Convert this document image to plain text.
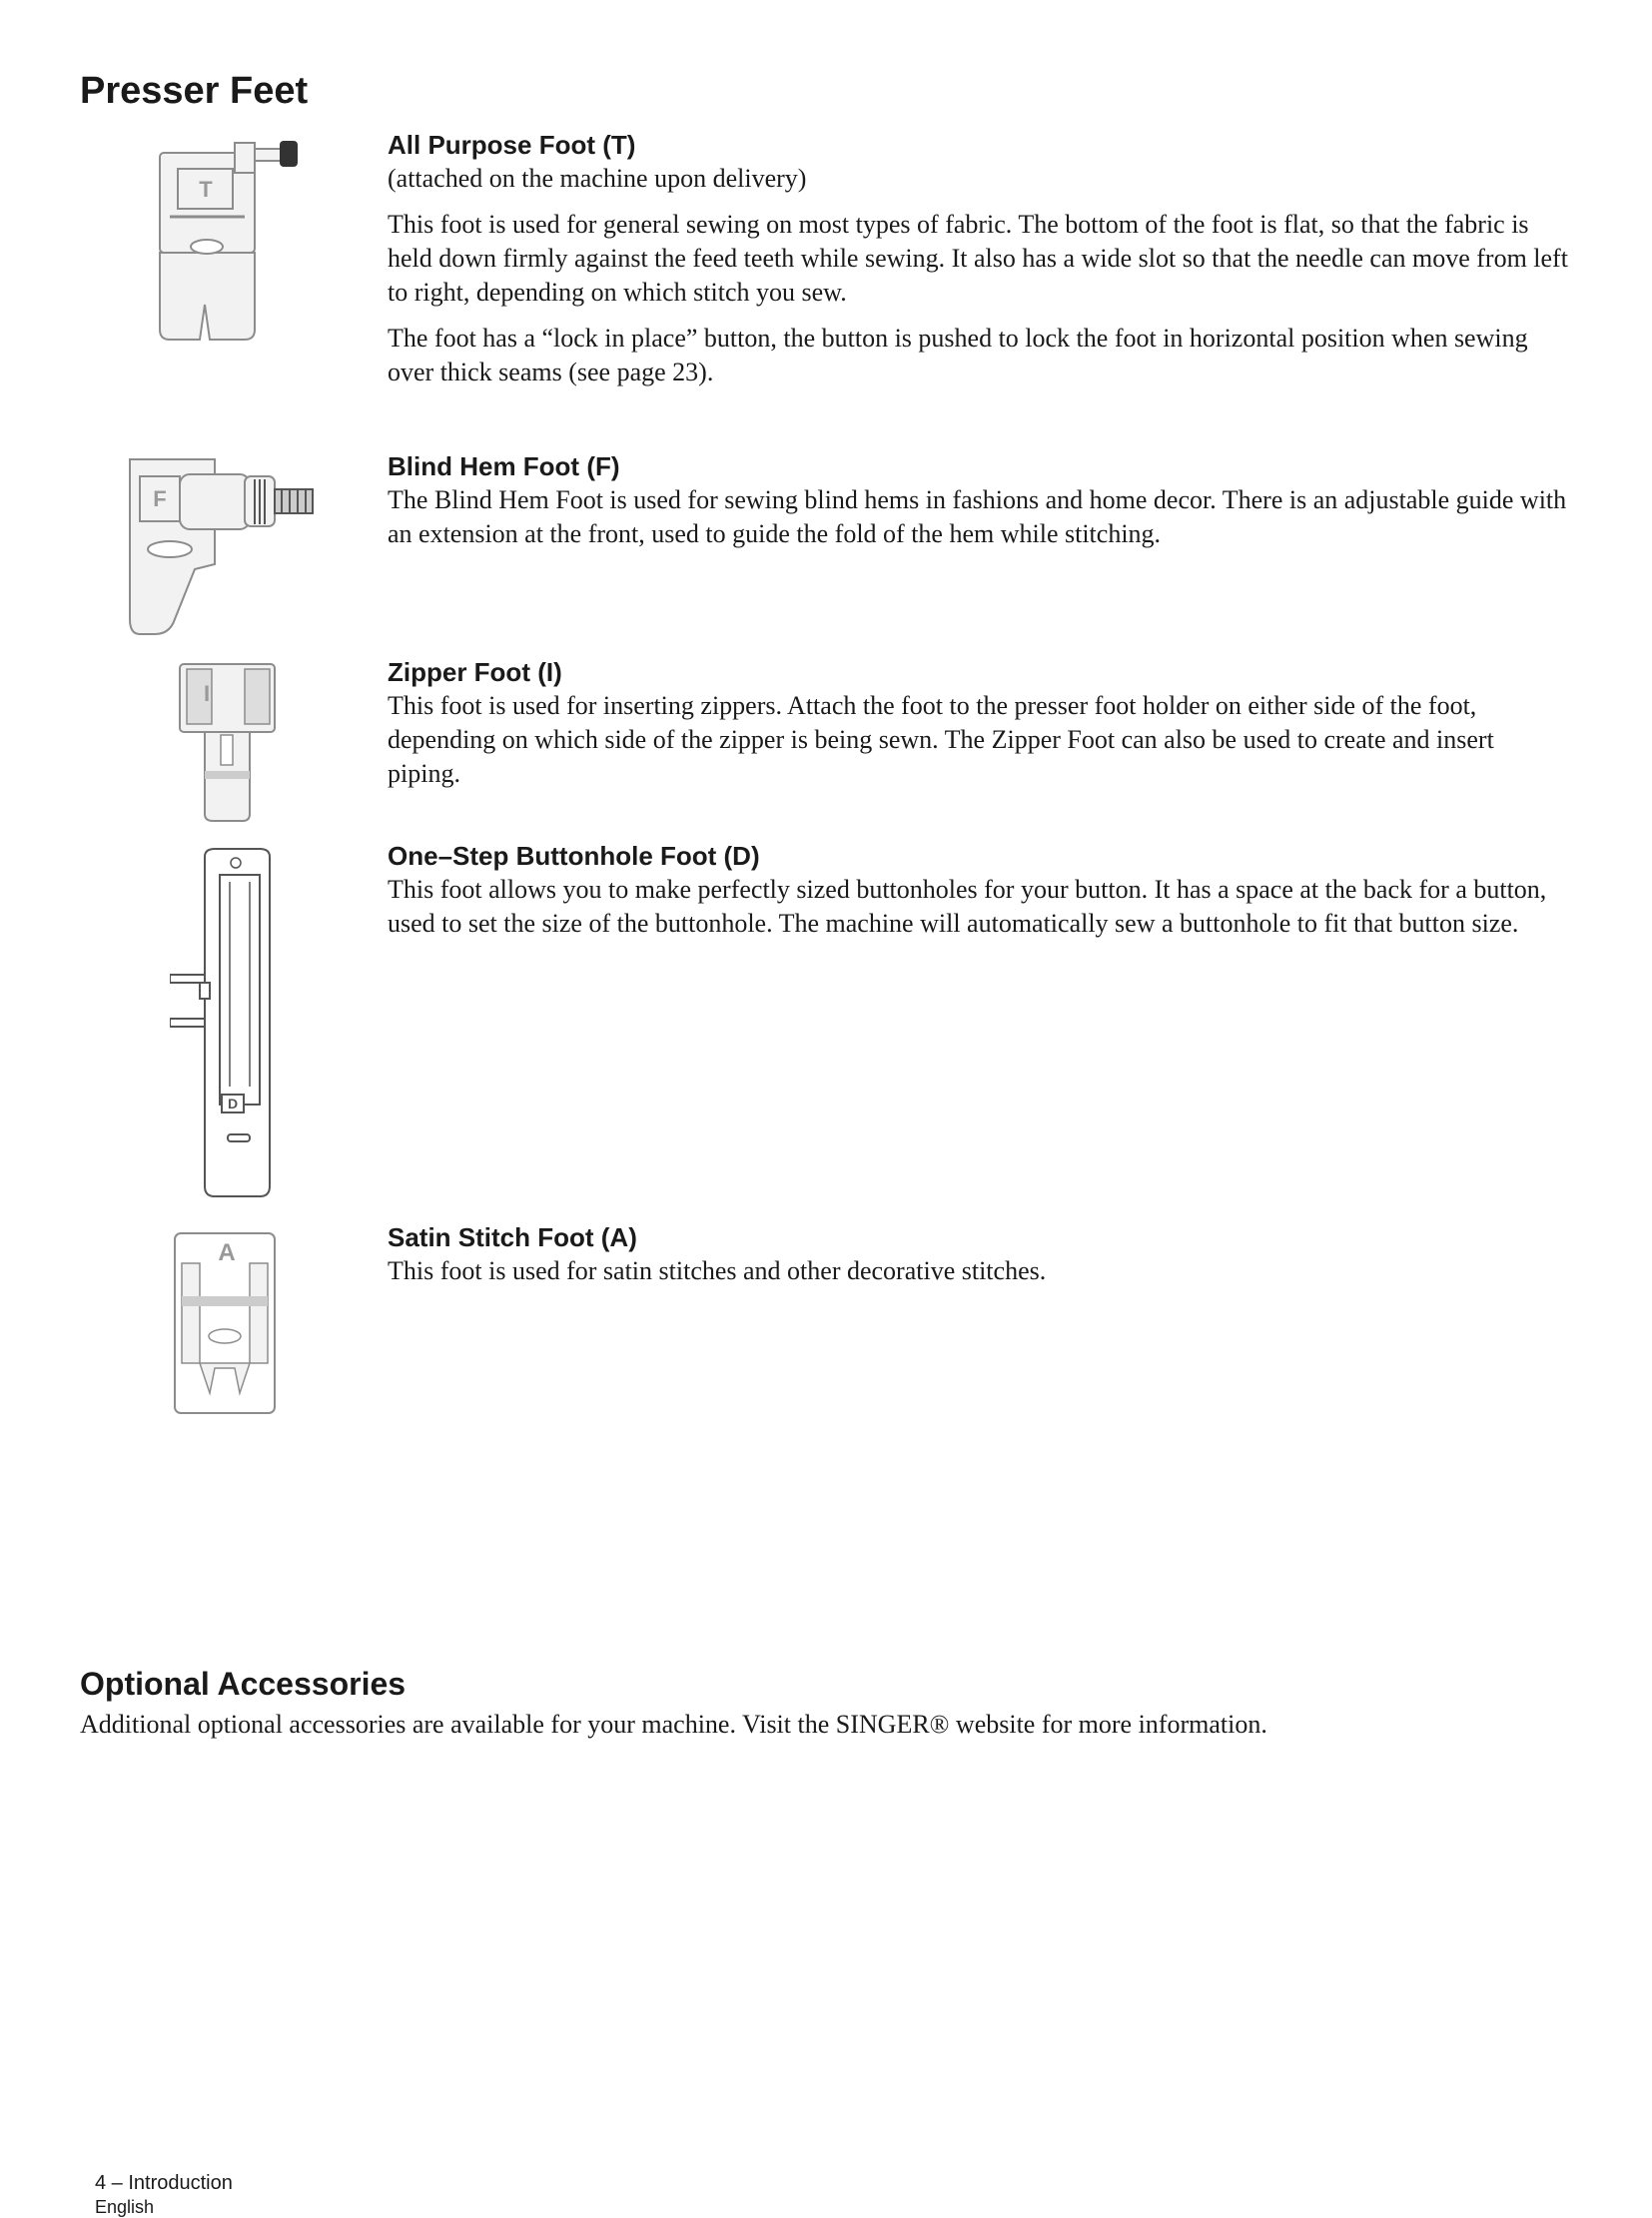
Presser Feet
All Purpose Foot (T)
(attached on the machine upon delivery)
This foot is used for general sewing on most types of fabric. The bottom of the foot is flat, so that the fabric is held down firmly against the feed teeth while sewing. It also has a wide slot so that the needle can move from left to right, depending on which stitch you sew.
The foot has a “lock in place” button, the button is pushed to lock the foot in horizontal position when sewing over thick seams (see page 23).
T
Blind Hem Foot (F)
The Blind Hem Foot is used for sewing blind hems in fashions and home decor. There is an adjustable guide with an extension at the front, used to guide the fold of the hem while stitching.
F
Zipper Foot (I)
This foot is used for inserting zippers. Attach the foot to the presser foot holder on either side of the foot, depending on which side of the zipper is being sewn. The Zipper Foot can also be used to create and insert piping.
I
One–Step Buttonhole Foot (D)
This foot allows you to make perfectly sized buttonholes for your button. It has a space at the back for a button, used to set the size of the buttonhole. The machine will automatically sew a buttonhole to fit that button size.
D
Satin Stitch Foot (A)
This foot is used for satin stitches and other decorative stitches.
A
Optional Accessories
Additional optional accessories are available for your machine. Visit the SINGER® website for more information.
4 – Introduction
English
